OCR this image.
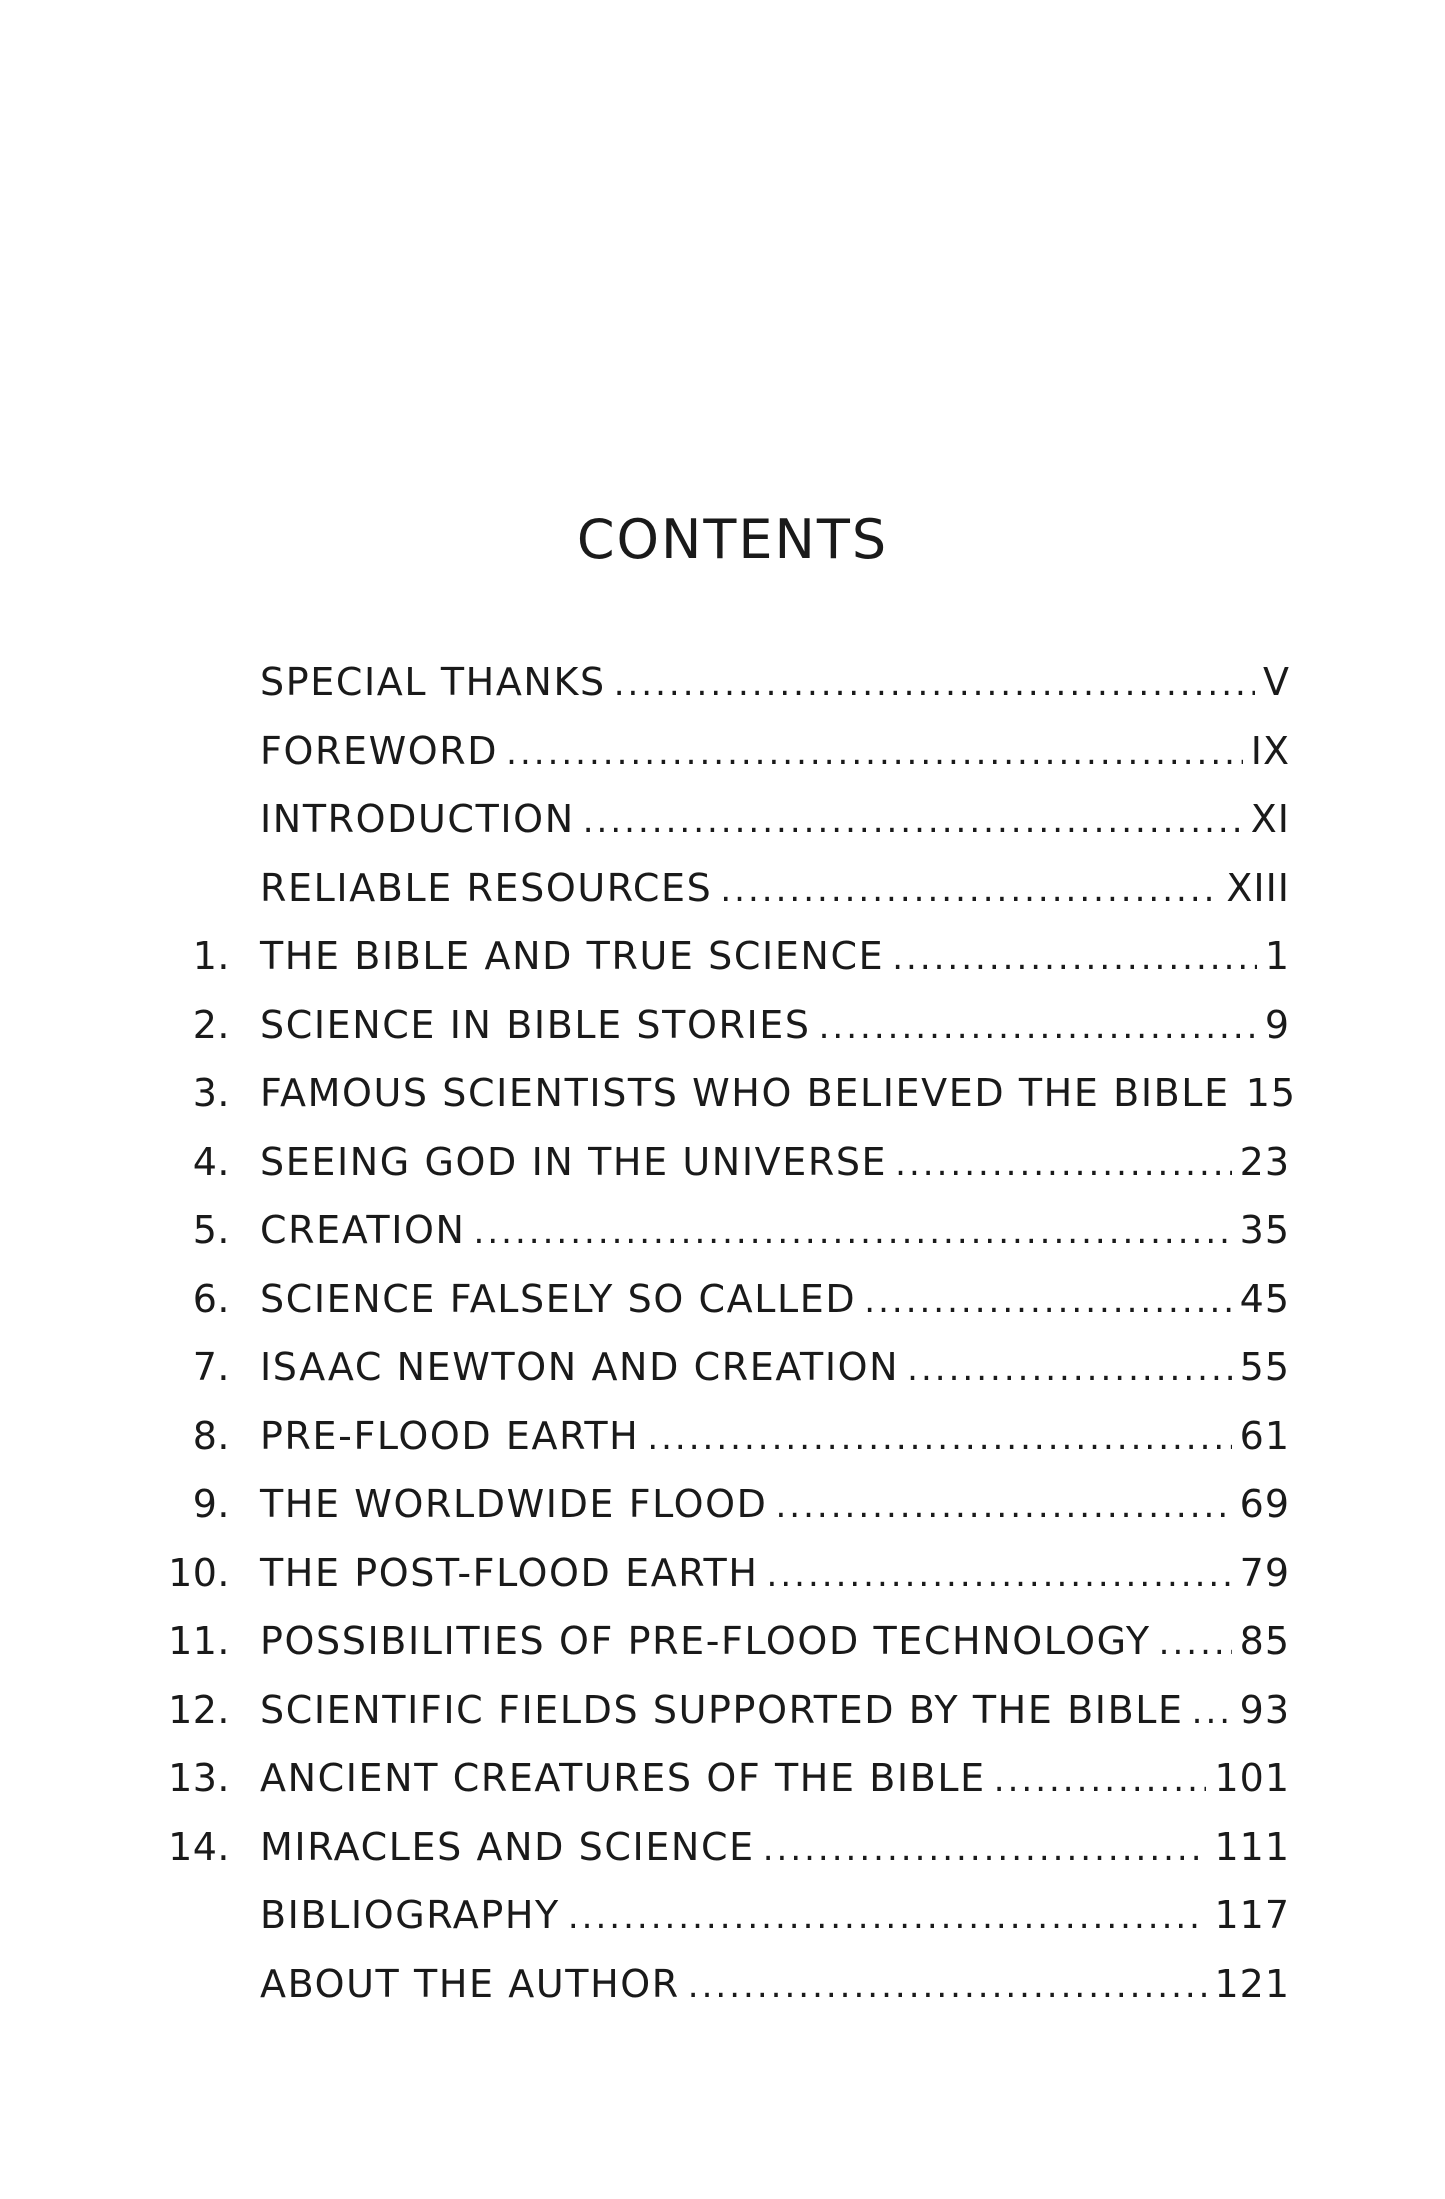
CONTENTS
SPECIAL THANKS .....	V
FOREWORD .....	IX
INTRODUCTION .....	XI
RELIABLE RESOURCES .....	XIII
1. THE BIBLE AND TRUE SCIENCE .....	1
2. SCIENCE IN BIBLE STORIES .....	9
3. FAMOUS SCIENTISTS WHO BELIEVED THE BIBLE 15
4. SEEING GOD IN THE UNIVERSE .....	23
5. CREATION .....	35
6. SCIENCE FALSELY SO CALLED .....	45
7. ISAAC NEWTON AND CREATION .....	55
8. PRE-FLOOD EARTH .....	61
9. THE WORLDWIDE FLOOD .....	69
10. THE POST-FLOOD EARTH .....	79
11. POSSIBILITIES OF PRE-FLOOD TECHNOLOGY ..... 85
12. SCIENTIFIC FIELDS SUPPORTED BY THE BIBLE ..... 93
13. ANCIENT CREATURES OF THE BIBLE .....	101
14. MIRACLES AND SCIENCE .....	111
BIBLIOGRAPHY .....	117
ABOUT THE AUTHOR .....	121
